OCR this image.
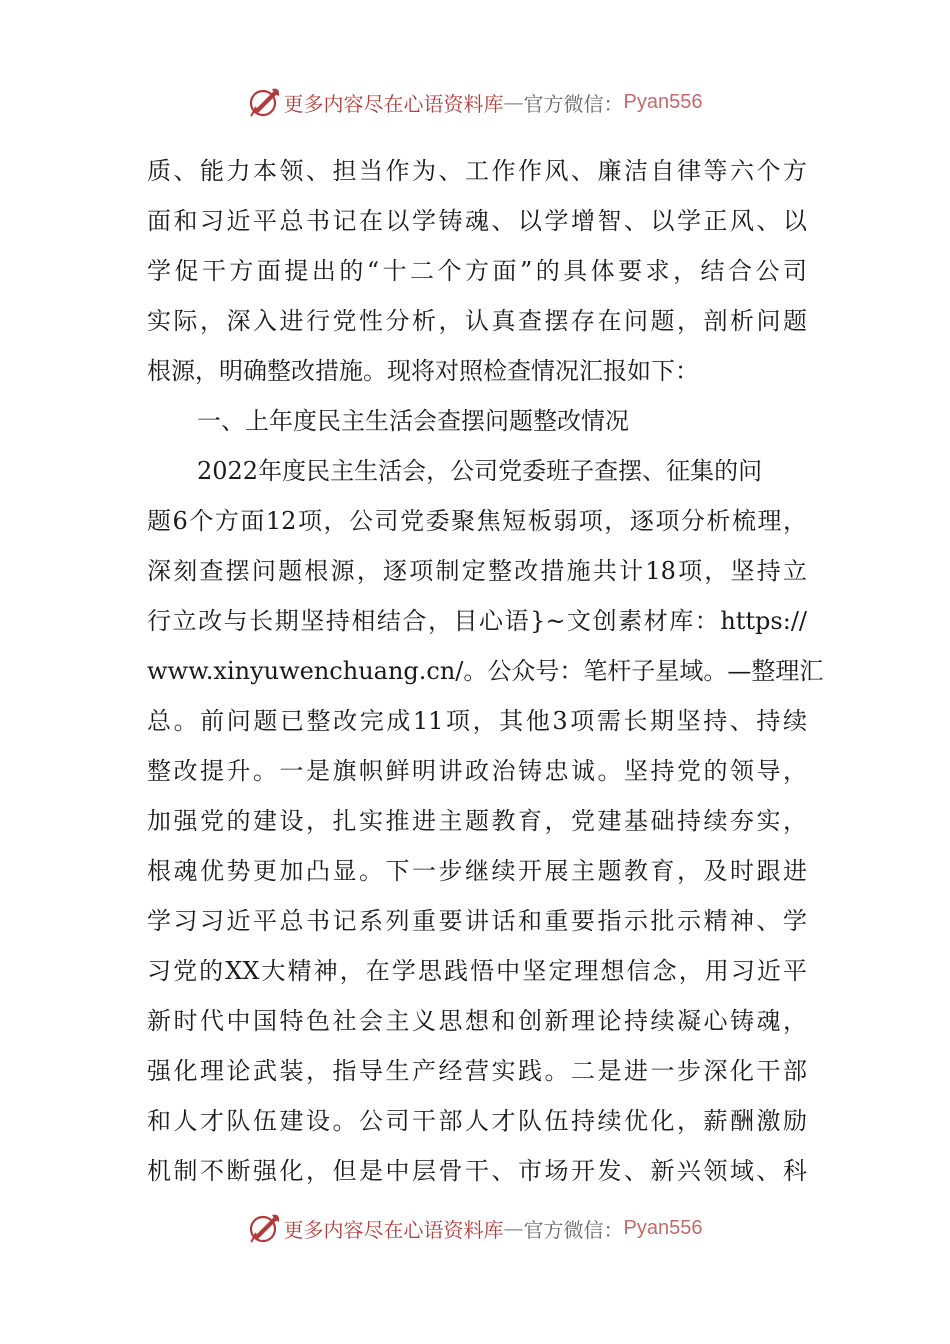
更多内容尽在心语资料库 — 官方微信： Pyan556
质、能力本领、担当作为、工作作风、廉洁自律等六个方
面和习近平总书记在以学铸魂、以学增智、以学正风、以
学促干方面提出的“十二个方面”的具体要求，结合公司
实际，深入进行党性分析，认真查摆存在问题，剖析问题
根源，明确整改措施。现将对照检查情况汇报如下：
一、上年度民主生活会查摆问题整改情况
2022年度民主生活会，公司党委班子查摆、征集的问
题6个方面12项，公司党委聚焦短板弱项，逐项分析梳理，
深刻查摆问题根源，逐项制定整改措施共计18项，坚持立
行立改与长期坚持相结合，目心语}~文创素材库：https://
www.xinyuwenchuang.cn/。公众号：笔杆子星域。—整理汇
总。前问题已整改完成11项，其他3项需长期坚持、持续
整改提升。一是旗帜鲜明讲政治铸忠诚。坚持党的领导，
加强党的建设，扎实推进主题教育，党建基础持续夯实，
根魂优势更加凸显。下一步继续开展主题教育，及时跟进
学习习近平总书记系列重要讲话和重要指示批示精神、学
习党的XX大精神，在学思践悟中坚定理想信念，用习近平
新时代中国特色社会主义思想和创新理论持续凝心铸魂，
强化理论武装，指导生产经营实践。二是进一步深化干部
和人才队伍建设。公司干部人才队伍持续优化，薪酬激励
机制不断强化，但是中层骨干、市场开发、新兴领域、科
更多内容尽在心语资料库 — 官方微信： Pyan556
